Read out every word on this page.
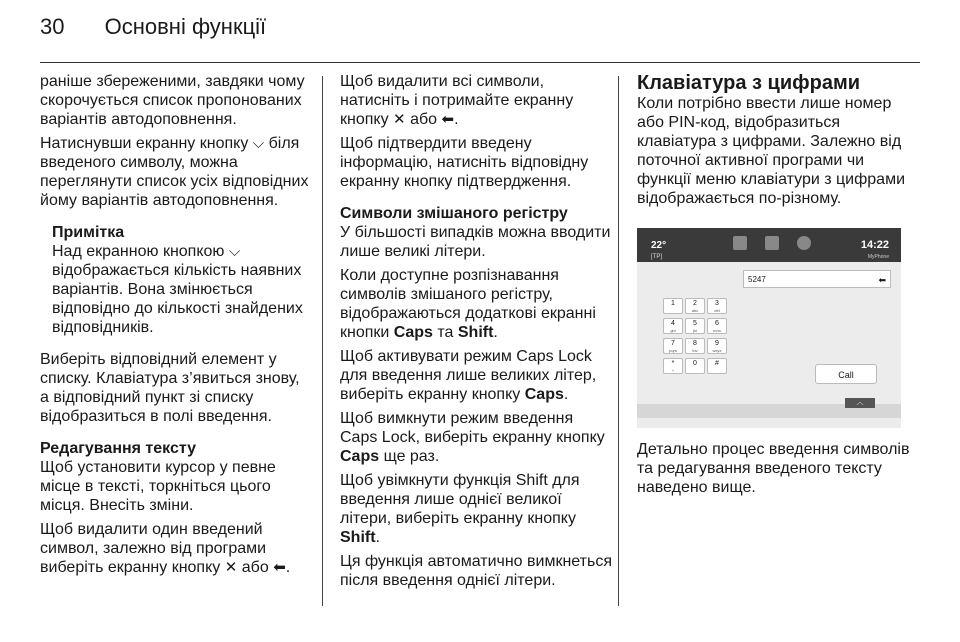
30 Основні функції

раніше збереженими, завдяки чому скорочується список пропонованих варіантів автодоповнення.

Натиснувши екранну кнопку ⌵ біля введеного символу, можна переглянути список усіх відповідних йому варіантів автодоповнення.

Примітка

Над екранною кнопкою ⌵ відображається кількість наявних варіантів. Вона змінюється відповідно до кількості знайдених відповідників.

Виберіть відповідний елемент у списку. Клавіатура з’явиться знову, а відповідний пункт зі списку відобразиться в полі введення.

Редагування тексту

Щоб установити курсор у певне місце в тексті, торкніться цього місця. Внесіть зміни.

Щоб видалити один введений символ, залежно від програми виберіть екранну кнопку ✕ або ⬅.

Щоб видалити всі символи, натисніть і потримайте екранну кнопку ✕ або ⬅.

Щоб підтвердити введену інформацію, натисніть відповідну екранну кнопку підтвердження.

Символи змішаного регістру

У більшості випадків можна вводити лише великі літери.

Коли доступне розпізнавання символів змішаного регістру, відображаються додаткові екранні кнопки Caps та Shift.

Щоб активувати режим Caps Lock для введення лише великих літер, виберіть екранну кнопку Caps.

Щоб вимкнути режим введення Caps Lock, виберіть екранну кнопку Caps ще раз.

Щоб увімкнути функція Shift для введення лише однієї великої літери, виберіть екранну кнопку Shift.

Ця функція автоматично вимкнеться після введення однієї літери.

Клавіатура з цифрами

Коли потрібно ввести лише номер або PIN-код, відобразиться клавіатура з цифрами. Залежно від поточної активної програми чи функції меню клавіатури з цифрами відображається по-різному.

22°
[TP]
14:22
MyPhone
5247	⬅
Call
︿
1	2
abc
3
def
4
ghi
5
jkl
6
mno
7
pqrs
8
tuv
9
wxyz
*
+
0	#

Детально процес введення символів та редагування введеного тексту наведено вище.
